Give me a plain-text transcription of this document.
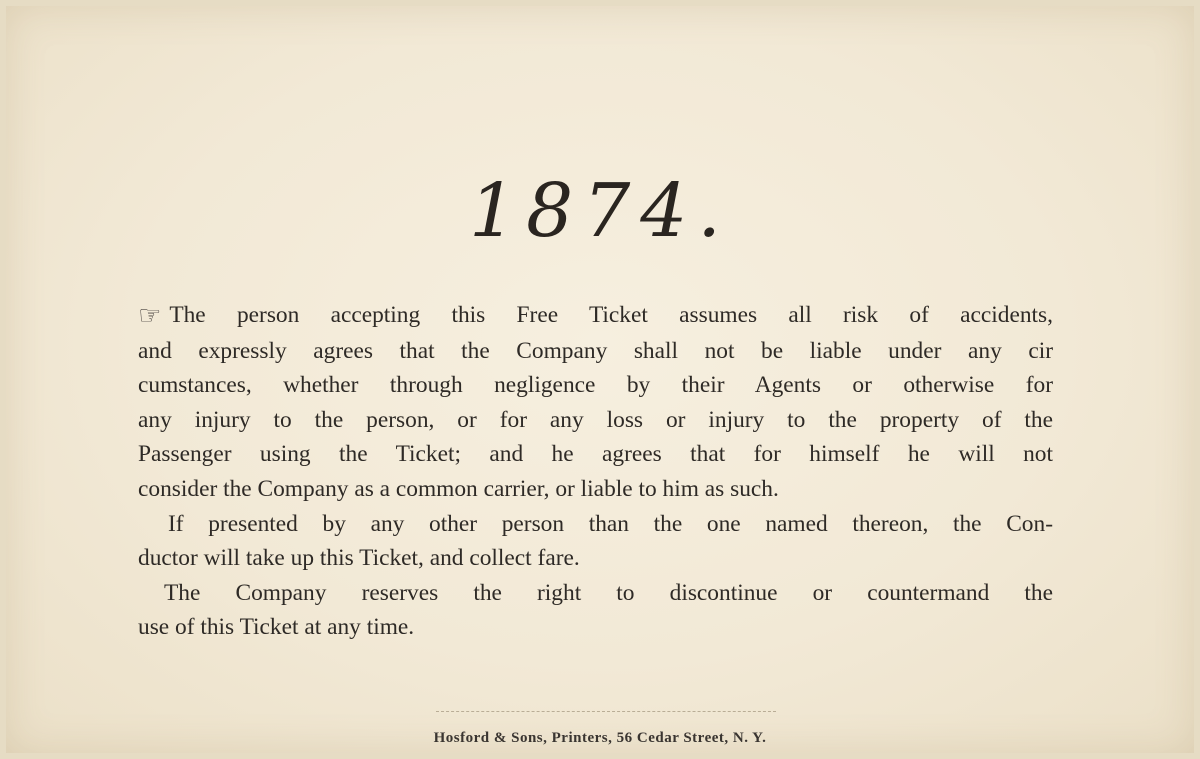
1874.

☞ The person accepting this Free Ticket assumes all risk of accidents,
and expressly agrees that the Company shall not be liable under any cir
cumstances, whether through negligence by their Agents or otherwise for
any injury to the person, or for any loss or injury to the property of the
Passenger using the Ticket; and he agrees that for himself he will not
consider the Company as a common carrier, or liable to him as such.

If presented by any other person than the one named thereon, the Con-
ductor will take up this Ticket, and collect fare.

The Company reserves the right to discontinue or countermand the
use of this Ticket at any time.

Hosford & Sons, Printers, 56 Cedar Street, N. Y.
